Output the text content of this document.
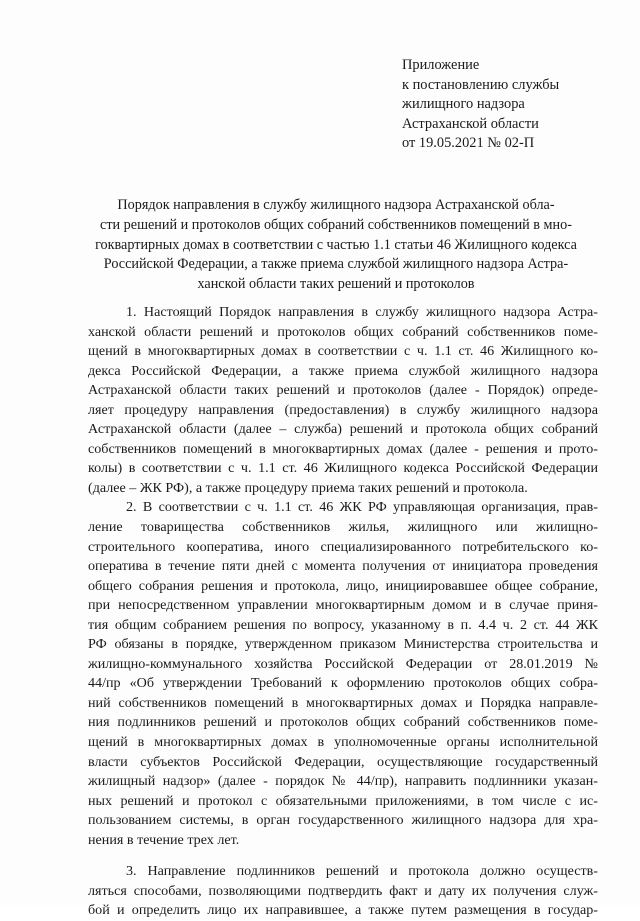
Приложение
к постановлению службы
жилищного надзора
Астраханской области
от 19.05.2021 № 02-П
Порядок направления в службу жилищного надзора Астраханской обла-
сти решений и протоколов общих собраний собственников помещений в мно-
гоквартирных домах в соответствии с частью 1.1 статьи 46 Жилищного кодекса
Российской Федерации, а также приема службой жилищного надзора Астра-
ханской области таких решений и протоколов
1. Настоящий Порядок направления в службу жилищного надзора Астра-
ханской области решений и протоколов общих собраний собственников поме-
щений в многоквартирных домах в соответствии с ч. 1.1 ст. 46 Жилищного ко-
декса Российской Федерации, а также приема службой жилищного надзора
Астраханской области таких решений и протоколов (далее - Порядок) опреде-
ляет процедуру направления (предоставления) в службу жилищного надзора
Астраханской области (далее – служба) решений и протокола общих собраний
собственников помещений в многоквартирных домах (далее - решения и прото-
колы) в соответствии с ч. 1.1 ст. 46 Жилищного кодекса Российской Федерации
(далее – ЖК РФ), а также процедуру приема таких решений и протокола.
2. В соответствии с ч. 1.1 ст. 46 ЖК РФ управляющая организация, прав-
ление товарищества собственников жилья, жилищного или жилищно-
строительного кооператива, иного специализированного потребительского ко-
оператива в течение пяти дней с момента получения от инициатора проведения
общего собрания решения и протокола, лицо, инициировавшее общее собрание,
при непосредственном управлении многоквартирным домом и в случае приня-
тия общим собранием решения по вопросу, указанному в п. 4.4 ч. 2 ст. 44 ЖК
РФ обязаны в порядке, утвержденном приказом Министерства строительства и
жилищно-коммунального хозяйства Российской Федерации от 28.01.2019 №
44/пр «Об утверждении Требований к оформлению протоколов общих собра-
ний собственников помещений в многоквартирных домах и Порядка направле-
ния подлинников решений и протоколов общих собраний собственников поме-
щений в многоквартирных домах в уполномоченные органы исполнительной
власти субъектов Российской Федерации, осуществляющие государственный
жилищный надзор» (далее - порядок № 44/пр), направить подлинники указан-
ных решений и протокол с обязательными приложениями, в том числе с ис-
пользованием системы, в орган государственного жилищного надзора для хра-
нения в течение трех лет.
3. Направление подлинников решений и протокола должно осуществ-
ляться способами, позволяющими подтвердить факт и дату их получения служ-
бой и определить лицо их направившее, а также путем размещения в государ-
